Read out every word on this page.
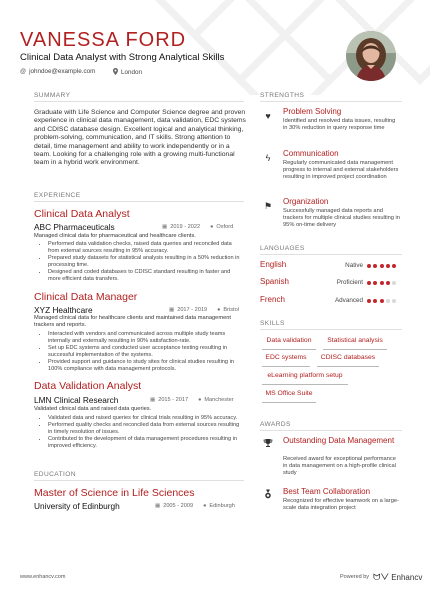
VANESSA FORD
Clinical Data Analyst with Strong Analytical Skills
@ johndoe@example.com	London
SUMMARY
Graduate with Life Science and Computer Science degree and proven experience in clinical data management, data validation, EDC systems and CDISC database design. Excellent logical and analytical thinking, problem-solving, communication, and IT skills. Strong attention to detail, time management and ability to work independently or in a team. Looking for a challenging role with a growing multi-functional team in a hybrid work environment.
EXPERIENCE
Clinical Data Analyst
ABC Pharmaceuticals	▦ 2019 - 2022 ● Oxford
Managed clinical data for pharmaceutical and healthcare clients.
• Performed data validation checks, raised data queries and reconciled data from external sources resulting in 95% accuracy.
• Prepared study datasets for statistical analysis resulting in a 50% reduction in processing time.
• Designed and coded databases to CDISC standard resulting in faster and more efficient data transfers.
Clinical Data Manager
XYZ Healthcare	▦ 2017 - 2019 ● Bristol
Managed clinical data for healthcare clients and maintained data management trackers and reports.
• Interacted with vendors and communicated across multiple study teams internally and externally resulting in 90% satisfaction-rate.
• Set up EDC systems and conducted user acceptance testing resulting in successful implementation of the systems.
• Provided support and guidance to study sites for clinical studies resulting in 100% compliance with data management protocols.
Data Validation Analyst
LMN Clinical Research	▦ 2015 - 2017 ● Manchester
Validated clinical data and raised data queries.
• Validated data and raised queries for clinical trials resulting in 95% accuracy.
• Performed quality checks and reconciled data from external sources resulting in timely resolution of issues.
• Contributed to the development of data management procedures resulting in improved efficiency.
EDUCATION
Master of Science in Life Sciences
University of Edinburgh	▦ 2005 - 2009 ● Edinburgh
STRENGTHS
♥	Problem Solving
Identified and resolved data issues, resulting in 30% reduction in query response time
ϟ	Communication
Regularly communicated data management progress to internal and external stakeholders resulting in improved project coordination
⚑ Organization
Successfully managed data reports and trackers for multiple clinical studies resulting in 95% on-time delivery
LANGUAGES
English	Native
Spanish	Proficient
French	Advanced
SKILLS
Data validation	Statistical analysis
EDC systems	CDISC databases
eLearning platform setup
MS Office Suite
AWARDS
Outstanding Data Management
Received award for exceptional performance in data management on a high-profile clinical study
Best Team Collaboration
Recognized for effective teamwork on a large-scale data integration project
www.enhancv.com	Powered by ᗢᐯ Enhancv
